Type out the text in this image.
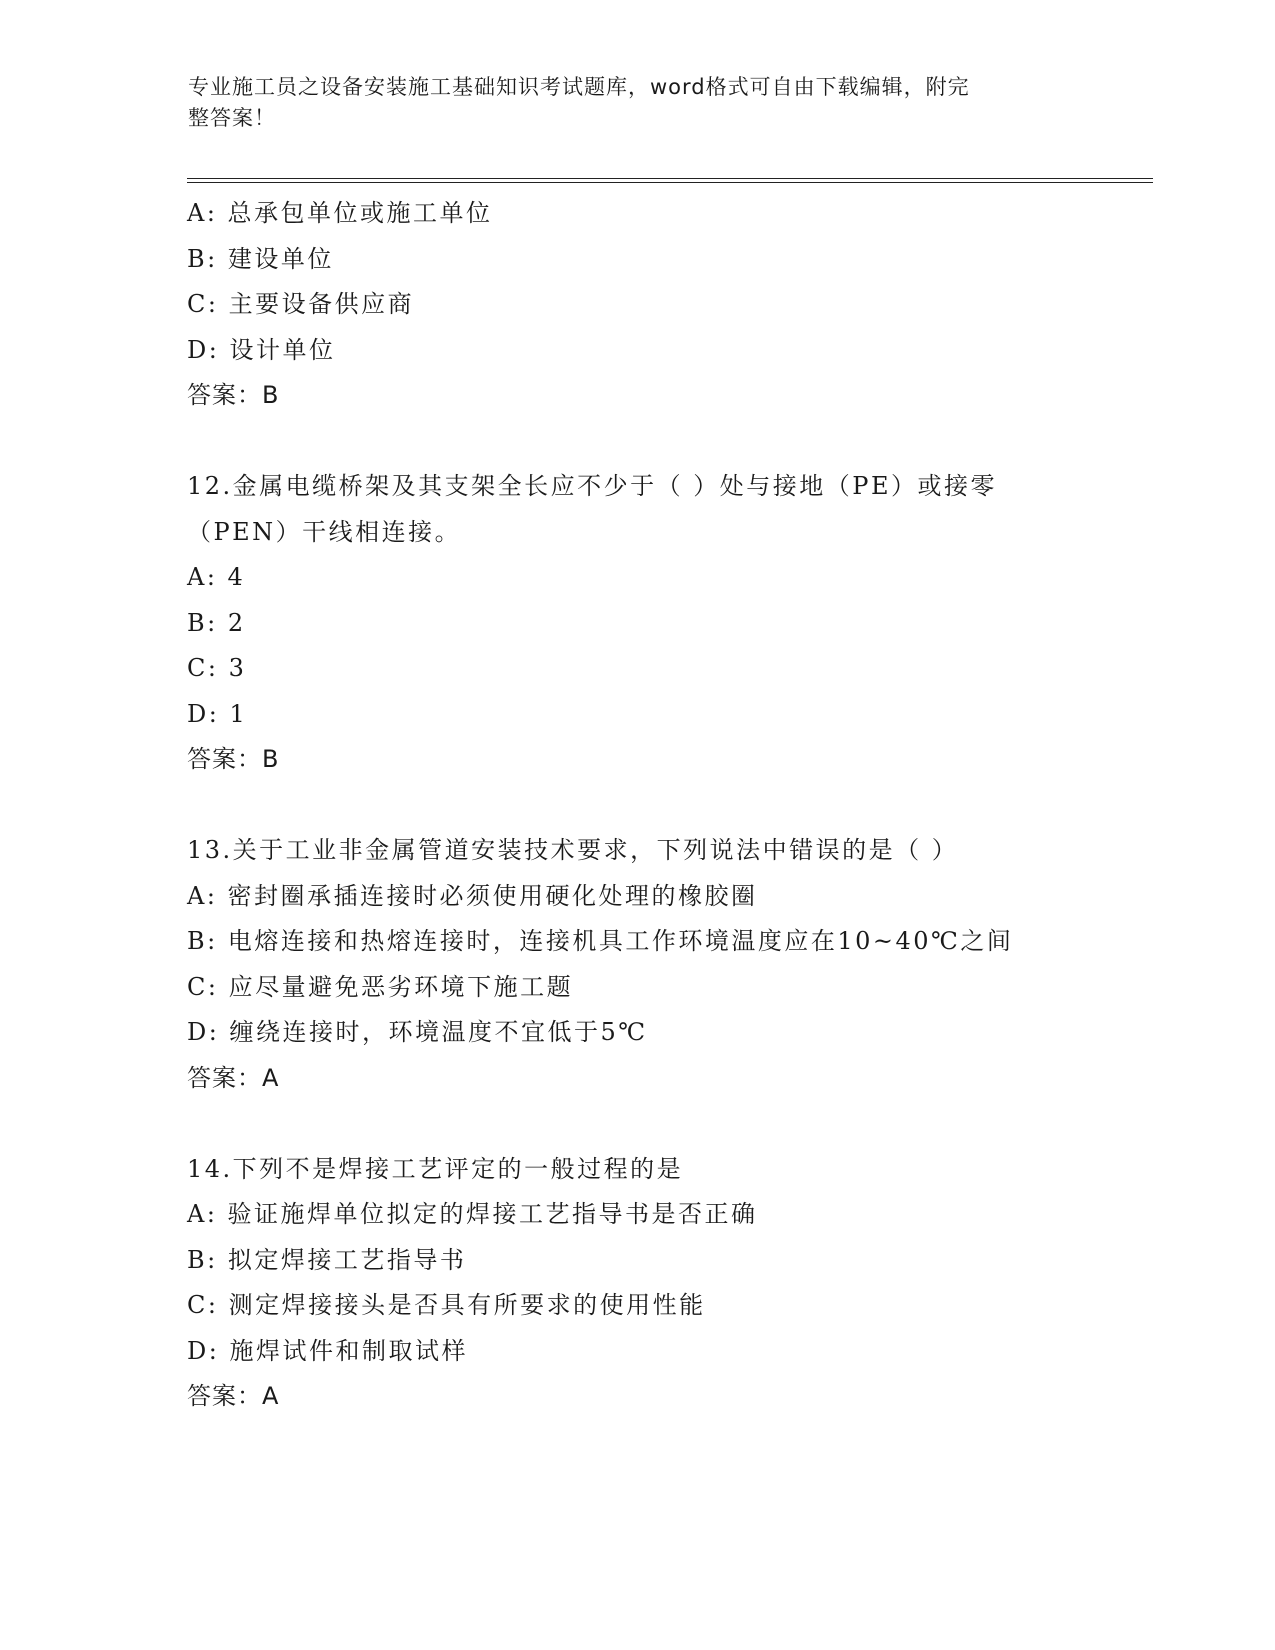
专业施工员之设备安装施工基础知识考试题库，word格式可自由下载编辑，附完
整答案！
A: 总承包单位或施工单位
B: 建设单位
C: 主要设备供应商
D: 设计单位
答案：B
12.金属电缆桥架及其支架全长应不少于（ ）处与接地（PE）或接零
（PEN）干线相连接。
A: 4
B: 2
C: 3
D: 1
答案：B
13.关于工业非金属管道安装技术要求，下列说法中错误的是（ ）
A: 密封圈承插连接时必须使用硬化处理的橡胶圈
B: 电熔连接和热熔连接时，连接机具工作环境温度应在10~40℃之间
C: 应尽量避免恶劣环境下施工题
D: 缠绕连接时，环境温度不宜低于5℃
答案：A
14.下列不是焊接工艺评定的一般过程的是
A: 验证施焊单位拟定的焊接工艺指导书是否正确
B: 拟定焊接工艺指导书
C: 测定焊接接头是否具有所要求的使用性能
D: 施焊试件和制取试样
答案：A
